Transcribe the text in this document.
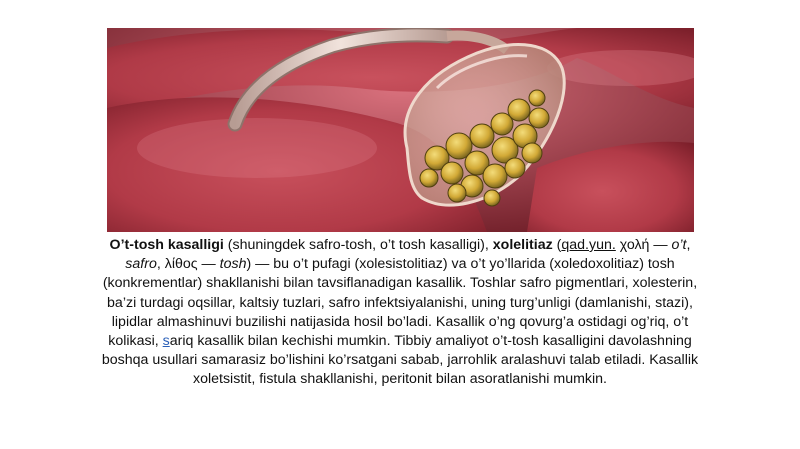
O’t-tosh kasalligi (shuningdek safro-tosh, o’t tosh kasalligi), xolelitiaz (qad.yun. χολή — o’t, safro, λίθος — tosh) — bu o’t pufagi (xolesistolitiaz) va o’t yo’llarida (xoledoxolitiaz) tosh (konkrementlar) shakllanishi bilan tavsiflanadigan kasallik. Toshlar safro pigmentlari, xolesterin, ba’zi turdagi oqsillar, kaltsiy tuzlari, safro infektsiyalanishi, uning turg’unligi (damlanishi, stazi), lipidlar almashinuvi buzilishi natijasida hosil bo’ladi. Kasallik o’ng qovurg’a ostidagi og’riq, o’t kolikasi, sariq kasallik bilan kechishi mumkin. Tibbiy amaliyot o’t-tosh kasalligini davolashning boshqa usullari samarasiz bo’lishini ko’rsatgani sabab, jarrohlik aralashuvi talab etiladi. Kasallik xoletsistit, fistula shakllanishi, peritonit bilan asoratlanishi mumkin.
